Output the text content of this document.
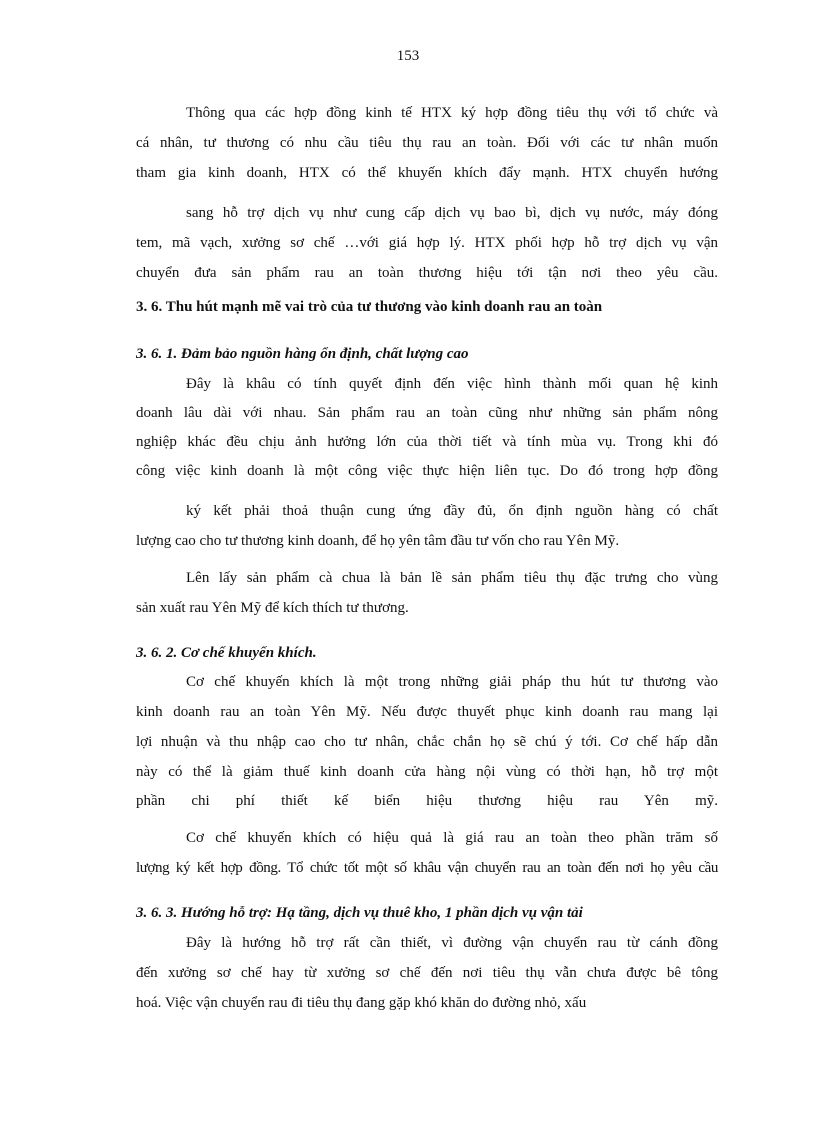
153
Thông qua các hợp đồng kinh tế HTX ký hợp đồng tiêu thụ với tổ chức và
cá nhân, tư thương có nhu cầu tiêu thụ rau an toàn. Đối với các tư nhân muốn
tham gia kinh doanh, HTX có thể khuyến khích đẩy mạnh. HTX chuyển hướng
sang hỗ trợ dịch vụ như cung cấp dịch vụ bao bì, dịch vụ nước, máy đóng
tem, mã vạch, xưởng sơ chế …với giá hợp lý. HTX phối hợp hỗ trợ dịch vụ vận
chuyển đưa sản phẩm rau an toàn thương hiệu tới tận nơi theo yêu cầu.
3. 6. Thu hút mạnh mẽ vai trò của tư thương vào kinh doanh rau an toàn
3. 6. 1. Đảm bảo nguồn hàng ổn định, chất lượng cao
Đây là khâu có tính quyết định đến việc hình thành mối quan hệ kinh
doanh lâu dài với nhau. Sản phẩm rau an toàn cũng như những sản phẩm nông
nghiệp khác đều chịu ảnh hưởng lớn của thời tiết và tính mùa vụ. Trong khi đó
công việc kinh doanh là một công việc thực hiện liên tục. Do đó trong hợp đồng
ký kết phải thoả thuận cung ứng đầy đủ, ổn định nguồn hàng có chất
lượng cao cho tư thương kinh doanh, để họ yên tâm đầu tư vốn cho rau Yên Mỹ.
Lên lấy sản phẩm cà chua là bản lề sản phẩm tiêu thụ đặc trưng cho vùng
sản xuất rau Yên Mỹ để kích thích tư thương.
3. 6. 2. Cơ chế khuyến khích.
Cơ chế khuyến khích là một trong những giải pháp thu hút tư thương vào
kinh doanh rau an toàn Yên Mỹ. Nếu được thuyết phục kinh doanh rau mang lại
lợi nhuận và thu nhập cao cho tư nhân, chắc chắn họ sẽ chú ý tới. Cơ chế hấp dẫn
này có thể là giảm thuế kinh doanh cửa hàng nội vùng có thời hạn, hỗ trợ một
phần chi phí thiết kế biển hiệu thương hiệu rau Yên mỹ.
Cơ chế khuyến khích có hiệu quả là giá rau an toàn theo phần trăm số
lượng ký kết hợp đồng. Tổ chức tốt một số khâu vận chuyển rau an toàn đến nơi họ yêu cầu
3. 6. 3. Hướng hỗ trợ: Hạ tầng, dịch vụ thuê kho, 1 phần dịch vụ vận tải
Đây là hướng hỗ trợ rất cần thiết, vì đường vận chuyển rau từ cánh đồng
đến xưởng sơ chế hay từ xưởng sơ chế đến nơi tiêu thụ vẫn chưa được bê tông
hoá. Việc vận chuyển rau đi tiêu thụ đang gặp khó khăn do đường nhỏ, xấu
